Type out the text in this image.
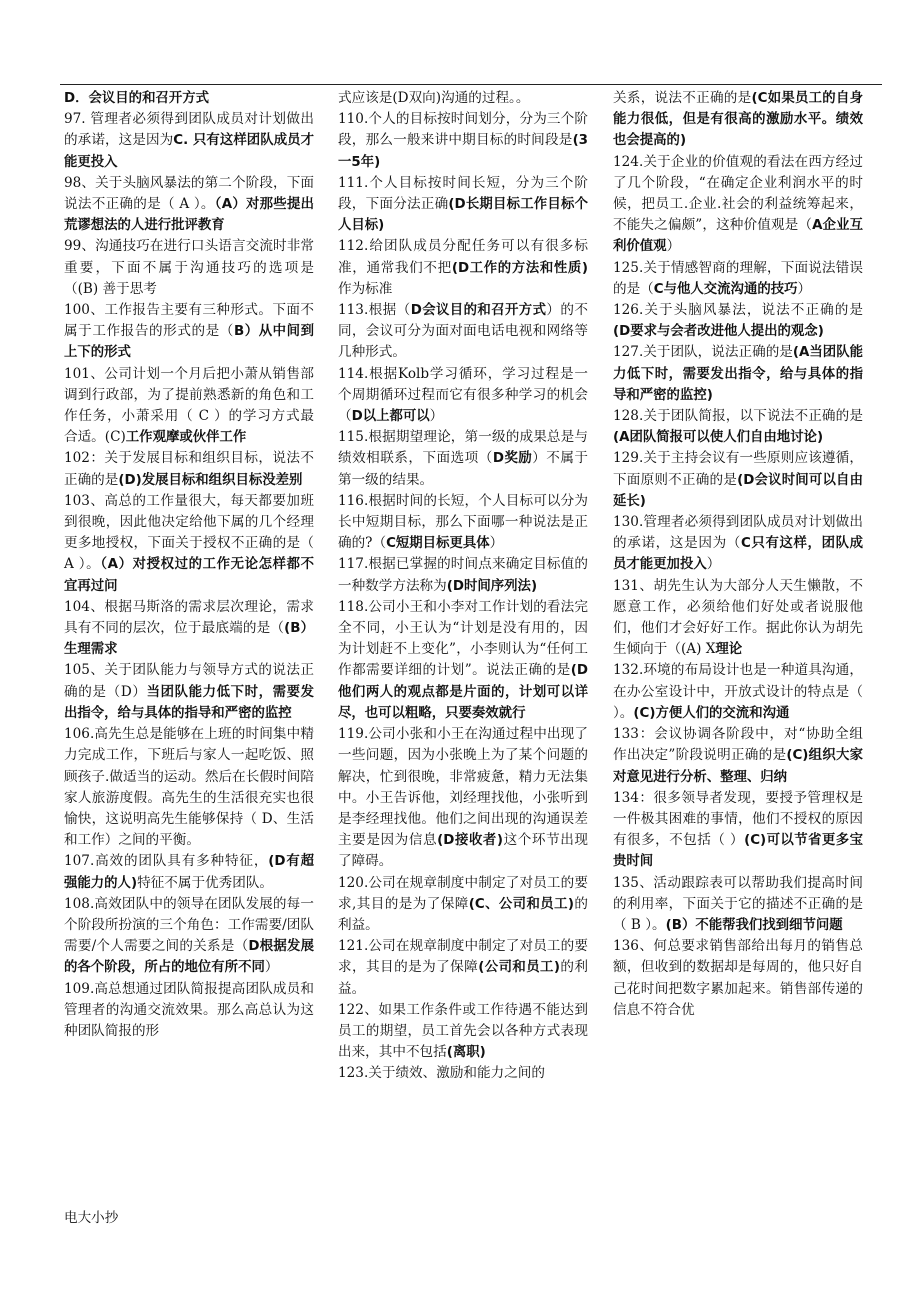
D．会议目的和召开方式

97. 管理者必须得到团队成员对计划做出的承诺，这是因为C. 只有这样团队成员才能更投入

98、关于头脑风暴法的第二个阶段，下面说法不正确的是（ A ）。（A）对那些提出荒谬想法的人进行批评教育

99、沟通技巧在进行口头语言交流时非常重要，下面不属于沟通技巧的选项是（(B) 善于思考

100、工作报告主要有三种形式。下面不属于工作报告的形式的是（B）从中间到上下的形式

101、公司计划一个月后把小萧从销售部调到行政部，为了提前熟悉新的角色和工作任务，小萧采用（ C ）的学习方式最合适。(C)工作观摩或伙伴工作

102：关于发展目标和组织目标，说法不正确的是(D)发展目标和组织目标没差别

103、高总的工作量很大，每天都要加班到很晚，因此他决定给他下属的几个经理更多地授权，下面关于授权不正确的是（ A ）。（A）对授权过的工作无论怎样都不宜再过问

104、根据马斯洛的需求层次理论，需求具有不同的层次，位于最底端的是（(B）生理需求

105、关于团队能力与领导方式的说法正确的是（D）当团队能力低下时，需要发出指令，给与具体的指导和严密的监控

106.高先生总是能够在上班的时间集中精力完成工作，下班后与家人一起吃饭、照顾孩子.做适当的运动。然后在长假时间陪家人旅游度假。高先生的生活很充实也很愉快，这说明高先生能够保持（ D、生活和工作）之间的平衡。

107.高效的团队具有多种特征，(D有超强能力的人)特征不属于优秀团队。

108.高效团队中的领导在团队发展的每一个阶段所扮演的三个角色：工作需要/团队需要/个人需要之间的关系是（D根据发展的各个阶段，所占的地位有所不同）

109.高总想通过团队简报提高团队成员和管理者的沟通交流效果。那么高总认为这种团队简报的形

式应该是(D双向)沟通的过程。。

110.个人的目标按时间划分，分为三个阶段，那么一般来讲中期目标的时间段是(3一5年)

111.个人目标按时间长短，分为三个阶段，下面分法正确(D长期目标工作目标个人目标)

112.给团队成员分配任务可以有很多标准，通常我们不把(D工作的方法和性质)作为标准

113.根据（D会议目的和召开方式）的不同，会议可分为面对面电话电视和网络等几种形式。

114.根据Kolb学习循环，学习过程是一个周期循环过程而它有很多种学习的机会（D以上都可以）

115.根据期望理论，第一级的成果总是与绩效相联系，下面选项（D奖励）不属于第一级的结果。

116.根据时间的长短，个人目标可以分为长中短期目标，那么下面哪一种说法是正确的?（C短期目标更具体）

117.根据已掌握的时间点来确定目标值的一种数学方法称为(D时间序列法)

118.公司小王和小李对工作计划的看法完全不同，小王认为“计划是没有用的，因为计划赶不上变化”，小李则认为“任何工作都需要详细的计划”。说法正确的是(D他们两人的观点都是片面的，计划可以详尽，也可以粗略，只要奏效就行

119.公司小张和小王在沟通过程中出现了一些问题，因为小张晚上为了某个问题的解决，忙到很晚，非常疲惫，精力无法集中。小王告诉他，刘经理找他，小张听到是李经理找他。他们之间出现的沟通误差主要是因为信息(D接收者)这个环节出现了障碍。

120.公司在规章制度中制定了对员工的要求,其目的是为了保障(C、公司和员工)的利益。

121.公司在规章制度中制定了对员工的要求，其目的是为了保障(公司和员工)的利益。

122、如果工作条件或工作待遇不能达到员工的期望，员工首先会以各种方式表现出来，其中不包括(离职)

123.关于绩效、激励和能力之间的

关系，说法不正确的是(C如果员工的自身能力很低，但是有很高的激励水平。绩效也会提高的)

124.关于企业的价值观的看法在西方经过了几个阶段，“在确定企业利润水平的时候，把员工.企业.社会的利益统筹起来，不能失之偏颇”，这种价值观是（A企业互利价值观）

125.关于情感智商的理解，下面说法错误的是（C与他人交流沟通的技巧）

126.关于头脑风暴法，说法不正确的是(D要求与会者改进他人提出的观念)

127.关于团队，说法正确的是(A当团队能力低下时，需要发出指令，给与具体的指导和严密的监控)

128.关于团队简报，以下说法不正确的是(A团队简报可以使人们自由地讨论)

129.关于主持会议有一些原则应该遵循，下面原则不正确的是(D会议时间可以自由延长)

130.管理者必须得到团队成员对计划做出的承诺，这是因为（C只有这样，团队成员才能更加投入）

131、胡先生认为大部分人天生懒散，不愿意工作，必须给他们好处或者说服他们，他们才会好好工作。据此你认为胡先生倾向于（(A) X理论

132.环境的布局设计也是一种道具沟通，在办公室设计中，开放式设计的特点是（ ）。(C)方便人们的交流和沟通

133：会议协调各阶段中，对“协助全组作出决定”阶段说明正确的是(C)组织大家对意见进行分析、整理、归纳

134：很多领导者发现，要授予管理权是一件极其困难的事情，他们不授权的原因有很多，不包括（ ）(C)可以节省更多宝贵时间

135、活动跟踪表可以帮助我们提高时间的利用率，下面关于它的描述不正确的是（ B ）。(B）不能帮我们找到细节问题

136、何总要求销售部给出每月的销售总额，但收到的数据却是每周的，他只好自己花时间把数字累加起来。销售部传递的信息不符合优

电大小抄
